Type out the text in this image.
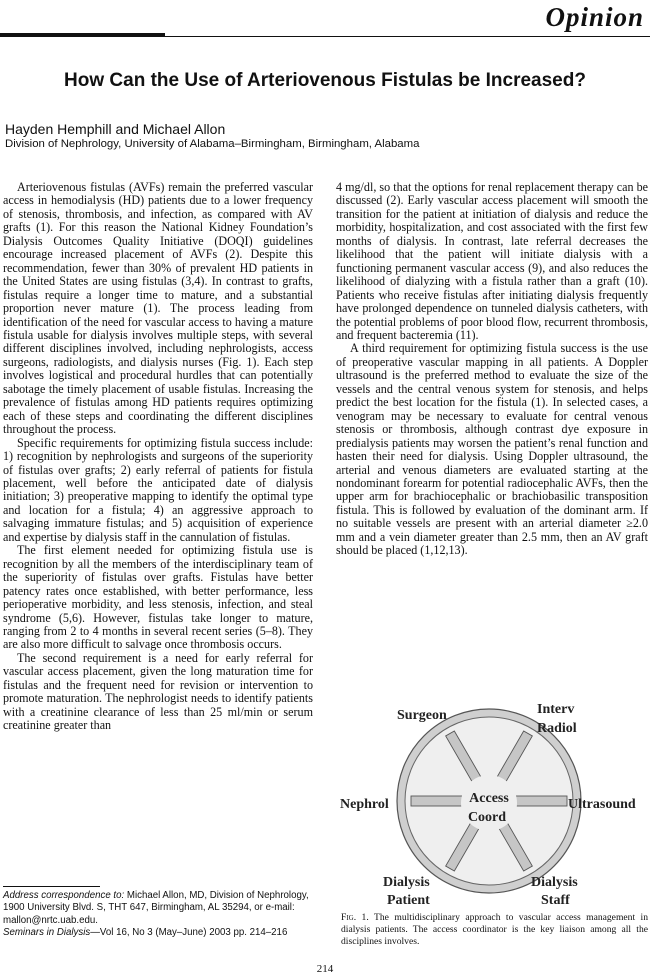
Opinion
How Can the Use of Arteriovenous Fistulas be Increased?
Hayden Hemphill and Michael Allon
Division of Nephrology, University of Alabama–Birmingham, Birmingham, Alabama

Arteriovenous fistulas (AVFs) remain the preferred vascular access in hemodialysis (HD) patients due to a lower frequency of stenosis, thrombosis, and infection, as compared with AV grafts (1). For this reason the National Kidney Foundation’s Dialysis Outcomes Quality Initiative (DOQI) guidelines encourage increased placement of AVFs (2). Despite this recommendation, fewer than 30% of prevalent HD patients in the United States are using fistulas (3,4). In contrast to grafts, fistulas require a longer time to mature, and a substantial proportion never mature (1). The process leading from identification of the need for vascular access to having a mature fistula usable for dialysis involves multiple steps, with several different disciplines involved, including nephrologists, access surgeons, radiologists, and dialysis nurses (Fig. 1). Each step involves logistical and procedural hurdles that can potentially sabotage the timely placement of usable fistulas. Increasing the prevalence of fistulas among HD patients requires optimizing each of these steps and coordinating the different disciplines throughout the process.

Specific requirements for optimizing fistula success include: 1) recognition by nephrologists and surgeons of the superiority of fistulas over grafts; 2) early referral of patients for fistula placement, well before the anticipated date of dialysis initiation; 3) preoperative mapping to identify the optimal type and location for a fistula; 4) an aggressive approach to salvaging immature fistulas; and 5) acquisition of experience and expertise by dialysis staff in the cannulation of fistulas.

The first element needed for optimizing fistula use is recognition by all the members of the interdisciplinary team of the superiority of fistulas over grafts. Fistulas have better patency rates once established, with better performance, less perioperative morbidity, and less stenosis, infection, and steal syndrome (5,6). However, fistulas take longer to mature, ranging from 2 to 4 months in several recent series (5–8). They are also more difficult to salvage once thrombosis occurs.

The second requirement is a need for early referral for vascular access placement, given the long maturation time for fistulas and the frequent need for revision or intervention to promote maturation. The nephrologist needs to identify patients with a creatinine clearance of less than 25 ml/min or serum creatinine greater than

4 mg/dl, so that the options for renal replacement therapy can be discussed (2). Early vascular access placement will smooth the transition for the patient at initiation of dialysis and reduce the morbidity, hospitalization, and cost associated with the first few months of dialysis. In contrast, late referral decreases the likelihood that the patient will initiate dialysis with a functioning permanent vascular access (9), and also reduces the likelihood of dialyzing with a fistula rather than a graft (10). Patients who receive fistulas after initiating dialysis frequently have prolonged dependence on tunneled dialysis catheters, with the potential problems of poor blood flow, recurrent thrombosis, and frequent bacteremia (11).

A third requirement for optimizing fistula success is the use of preoperative vascular mapping in all patients. A Doppler ultrasound is the preferred method to evaluate the size of the vessels and the central venous system for stenosis, and helps predict the best location for the fistula (1). In selected cases, a venogram may be necessary to evaluate for central venous stenosis or thrombosis, although contrast dye exposure in predialysis patients may worsen the patient’s renal function and hasten their need for dialysis. Using Doppler ultrasound, the arterial and venous diameters are evaluated starting at the nondominant forearm for potential radiocephalic AVFs, then the upper arm for brachiocephalic or brachiobasilic transposition fistula. This is followed by evaluation of the dominant arm. If no suitable vessels are present with an arterial diameter ≥2.0 mm and a vein diameter greater than 2.5 mm, then an AV graft should be placed (1,12,13).

Surgeon	Interv
Radiol
Nephrol	Ultrasound
Access
Coord
Dialysis
Patient
Dialysis
Staff
Fig. 1. The multidisciplinary approach to vascular access management in dialysis patients. The access coordinator is the key liaison among all the disciplines involves.
Address correspondence to: Michael Allon, MD, Division of Nephrology, 1900 University Blvd. S, THT 647, Birmingham, AL 35294, or e-mail: mallon@nrtc.uab.edu.
Seminars in Dialysis—Vol 16, No 3 (May–June) 2003 pp. 214–216
214
